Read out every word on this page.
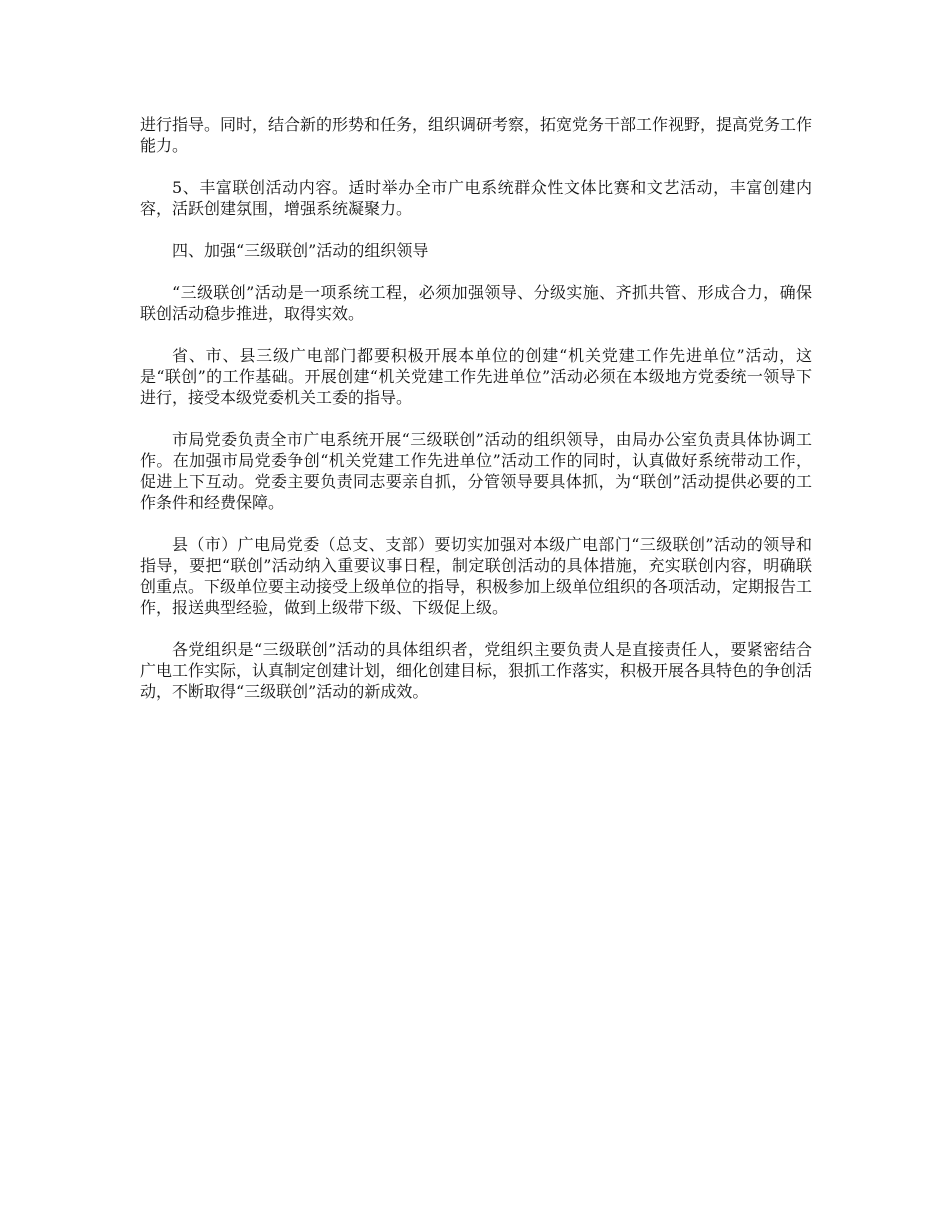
进行指导。同时，结合新的形势和任务，组织调研考察，拓宽党务干部工作视野，提高党务工作能力。

5、丰富联创活动内容。适时举办全市广电系统群众性文体比赛和文艺活动，丰富创建内容，活跃创建氛围，增强系统凝聚力。

四、加强“三级联创”活动的组织领导

“三级联创”活动是一项系统工程，必须加强领导、分级实施、齐抓共管、形成合力，确保联创活动稳步推进，取得实效。

省、市、县三级广电部门都要积极开展本单位的创建“机关党建工作先进单位”活动，这是“联创”的工作基础。开展创建“机关党建工作先进单位”活动必须在本级地方党委统一领导下进行，接受本级党委机关工委的指导。

市局党委负责全市广电系统开展“三级联创”活动的组织领导，由局办公室负责具体协调工作。在加强市局党委争创“机关党建工作先进单位”活动工作的同时，认真做好系统带动工作，促进上下互动。党委主要负责同志要亲自抓，分管领导要具体抓，为“联创”活动提供必要的工作条件和经费保障。

县（市）广电局党委（总支、支部）要切实加强对本级广电部门“三级联创”活动的领导和指导，要把“联创”活动纳入重要议事日程，制定联创活动的具体措施，充实联创内容，明确联创重点。下级单位要主动接受上级单位的指导，积极参加上级单位组织的各项活动，定期报告工作，报送典型经验，做到上级带下级、下级促上级。

各党组织是“三级联创”活动的具体组织者，党组织主要负责人是直接责任人，要紧密结合广电工作实际，认真制定创建计划，细化创建目标，狠抓工作落实，积极开展各具特色的争创活动，不断取得“三级联创”活动的新成效。
